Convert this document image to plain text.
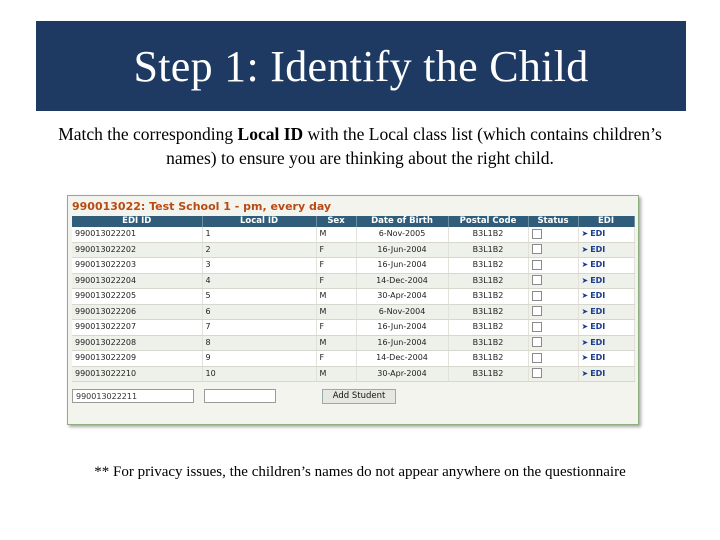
Step 1: Identify the Child
Match the corresponding Local ID with the Local class list (which contains children’s names) to ensure you are thinking about the right child.
990013022: Test School 1 - pm, every day
EDI ID	Local ID	Sex	Date of Birth	Postal Code	Status	EDI
990013022201	1	M	6-Nov-2005	B3L1B2		➤ EDI
990013022202	2	F	16-Jun-2004	B3L1B2		➤ EDI
990013022203	3	F	16-Jun-2004	B3L1B2		➤ EDI
990013022204	4	F	14-Dec-2004	B3L1B2		➤ EDI
990013022205	5	M	30-Apr-2004	B3L1B2		➤ EDI
990013022206	6	M	6-Nov-2004	B3L1B2		➤ EDI
990013022207	7	F	16-Jun-2004	B3L1B2		➤ EDI
990013022208	8	M	16-Jun-2004	B3L1B2		➤ EDI
990013022209	9	F	14-Dec-2004	B3L1B2		➤ EDI
990013022210	10	M	30-Apr-2004	B3L1B2		➤ EDI
990013022211	Add Student
** For privacy issues, the children’s names do not appear anywhere on the questionnaire
